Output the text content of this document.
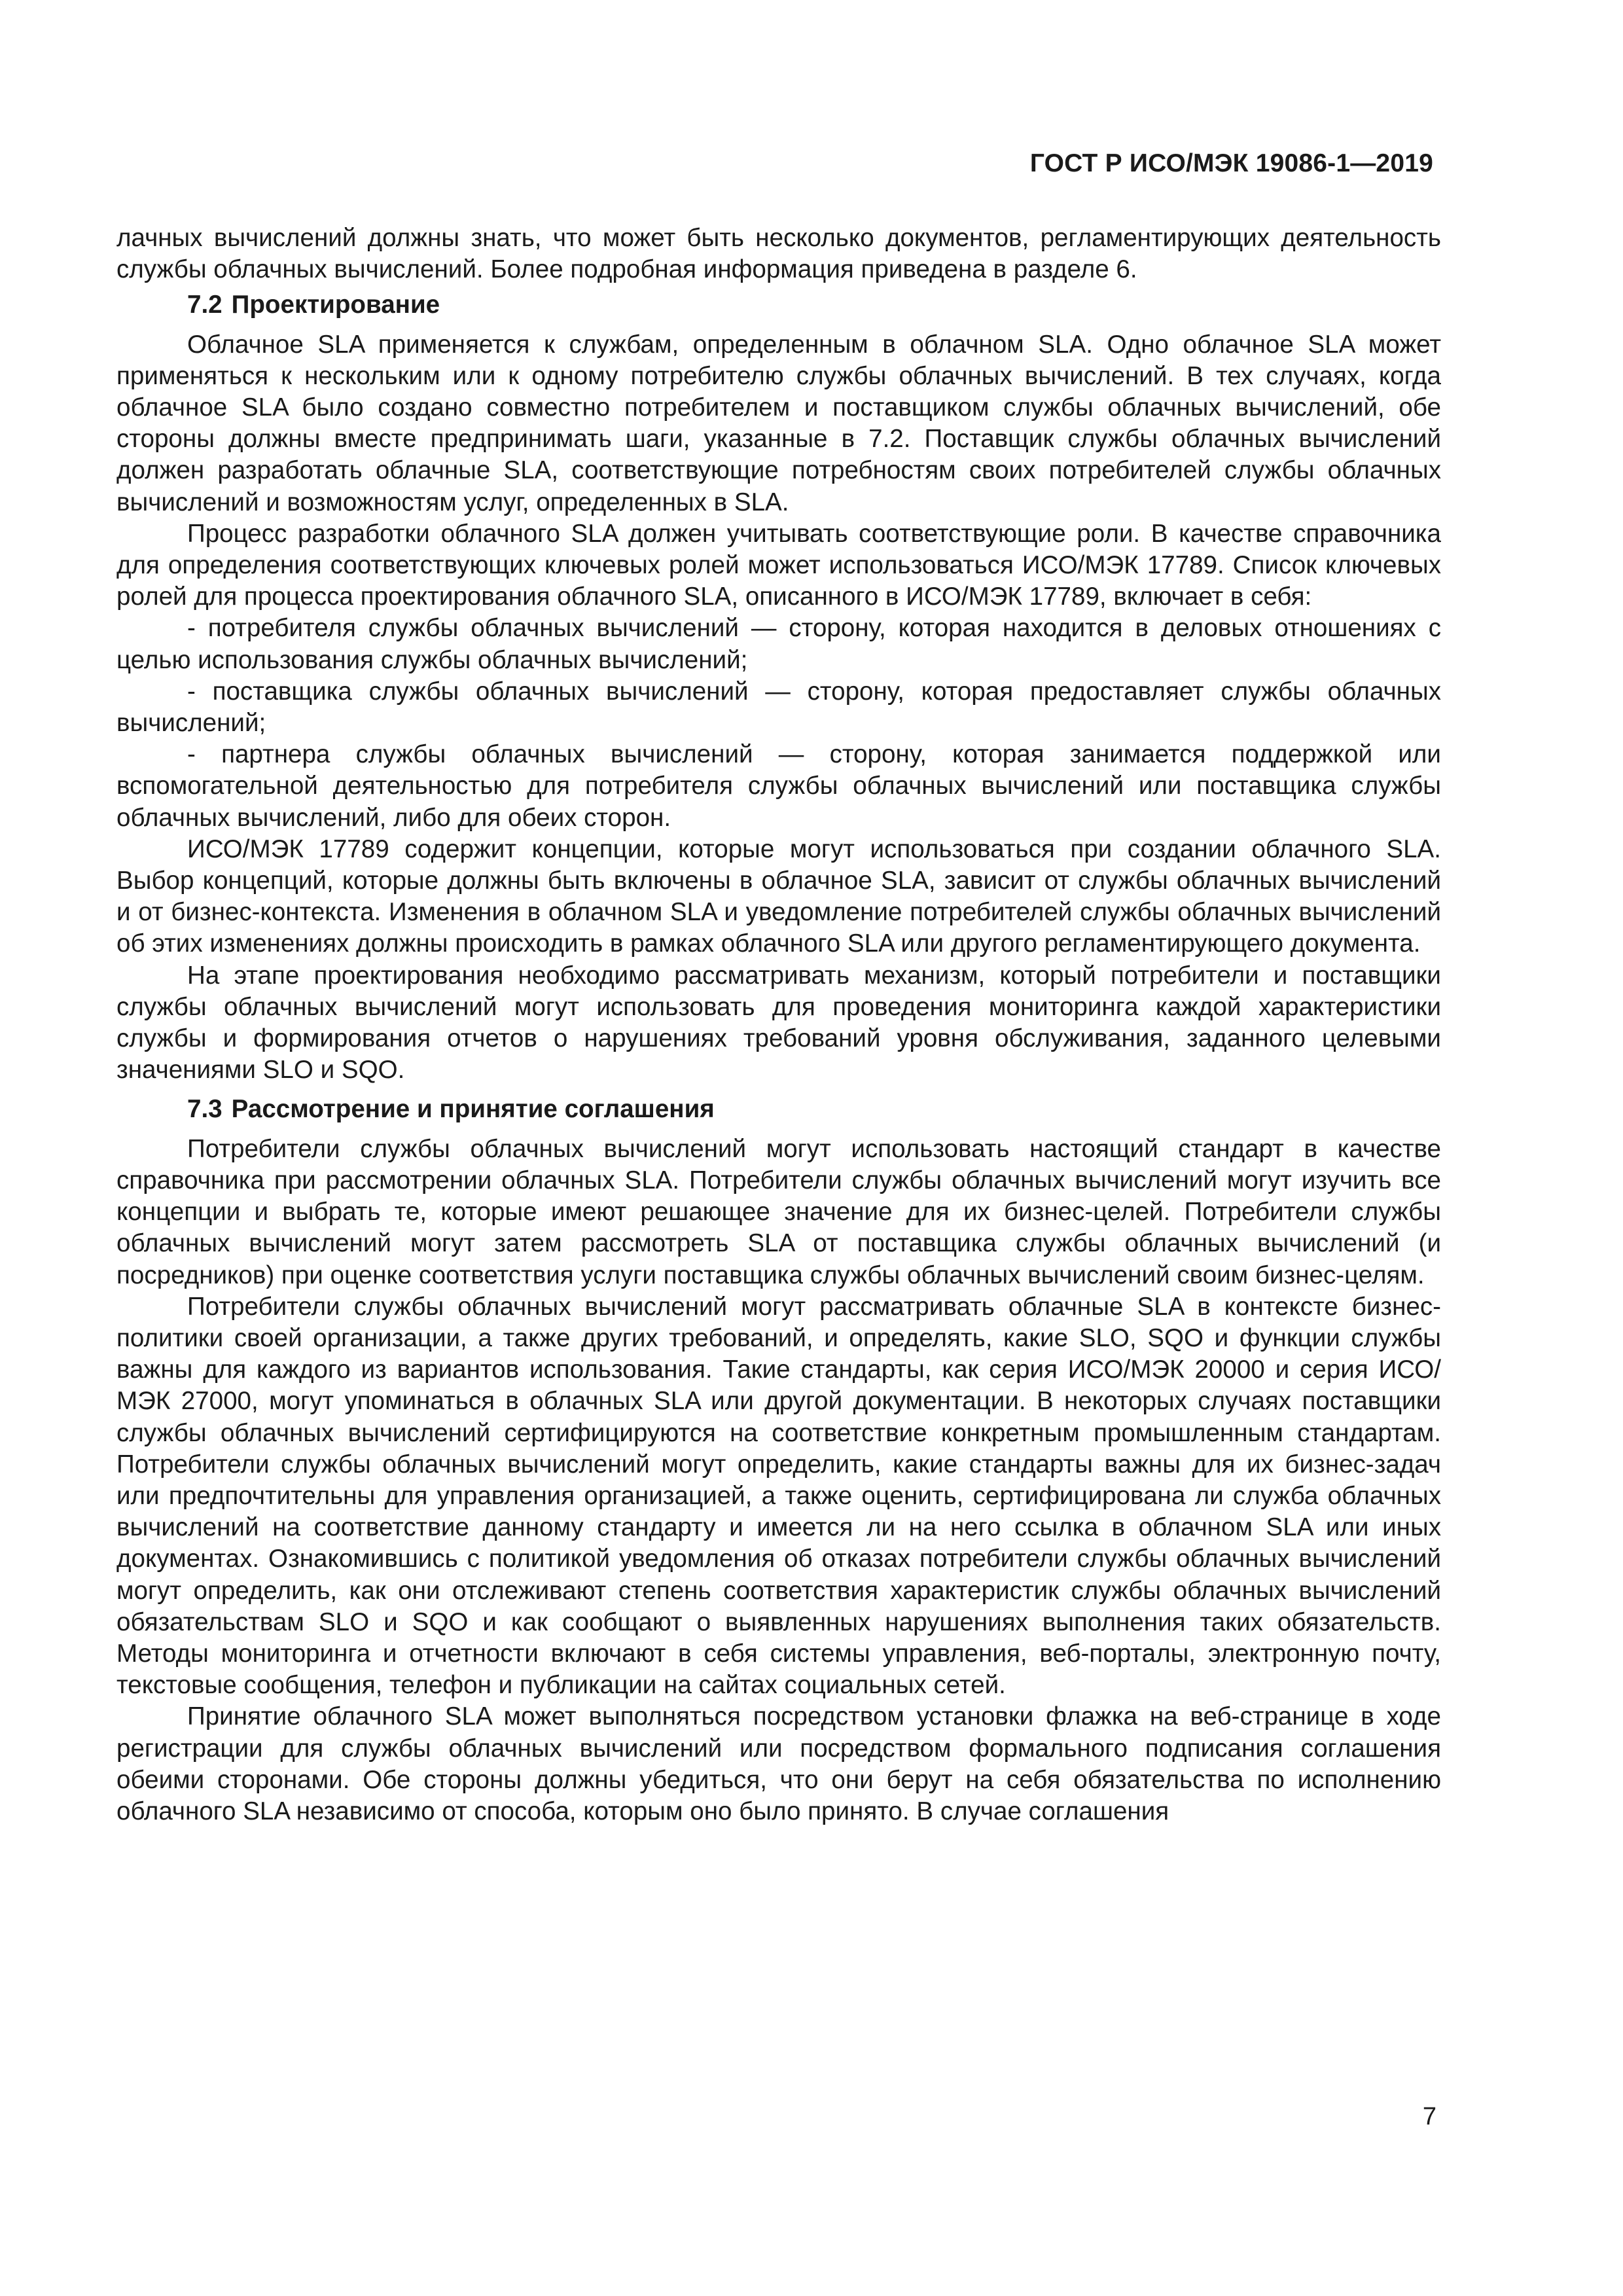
ГОСТ Р ИСО/МЭК 19086-1—2019

лачных вычислений должны знать, что может быть несколько документов, регламентирующих деятельность службы облачных вычислений. Более подробная информация приведена в разделе 6.

7.2 Проектирование

Облачное SLA применяется к службам, определенным в облачном SLA. Одно облачное SLA может применяться к нескольким или к одному потребителю службы облачных вычислений. В тех случаях, когда облачное SLA было создано совместно потребителем и поставщиком службы облачных вычислений, обе стороны должны вместе предпринимать шаги, указанные в 7.2. Поставщик службы облачных вычислений должен разработать облачные SLA, соответствующие потребностям своих потребителей службы облачных вычислений и возможностям услуг, определенных в SLA.

Процесс разработки облачного SLA должен учитывать соответствующие роли. В качестве справочника для определения соответствующих ключевых ролей может использоваться ИСО/МЭК 17789. Список ключевых ролей для процесса проектирования облачного SLA, описанного в ИСО/МЭК 17789, включает в себя:

- потребителя службы облачных вычислений — сторону, которая находится в деловых отношениях с целью использования службы облачных вычислений;

- поставщика службы облачных вычислений — сторону, которая предоставляет службы облачных вычислений;

- партнера службы облачных вычислений — сторону, которая занимается поддержкой или вспомогательной деятельностью для потребителя службы облачных вычислений или поставщика службы облачных вычислений, либо для обеих сторон.

ИСО/МЭК 17789 содержит концепции, которые могут использоваться при создании облачного SLA. Выбор концепций, которые должны быть включены в облачное SLA, зависит от службы облачных вычислений и от бизнес-контекста. Изменения в облачном SLA и уведомление потребителей службы облачных вычислений об этих изменениях должны происходить в рамках облачного SLA или другого регламентирующего документа.

На этапе проектирования необходимо рассматривать механизм, который потребители и поставщики службы облачных вычислений могут использовать для проведения мониторинга каждой характеристики службы и формирования отчетов о нарушениях требований уровня обслуживания, заданного целевыми значениями SLO и SQO.

7.3 Рассмотрение и принятие соглашения

Потребители службы облачных вычислений могут использовать настоящий стандарт в качестве справочника при рассмотрении облачных SLA. Потребители службы облачных вычислений могут изучить все концепции и выбрать те, которые имеют решающее значение для их бизнес-целей. Потребители службы облачных вычислений могут затем рассмотреть SLA от поставщика службы облачных вычислений (и посредников) при оценке соответствия услуги поставщика службы облачных вычислений своим бизнес-целям.

Потребители службы облачных вычислений могут рассматривать облачные SLA в контексте бизнес-политики своей организации, а также других требований, и определять, какие SLO, SQO и функции службы важны для каждого из вариантов использования. Такие стандарты, как серия ИСО/МЭК 20000 и серия ИСО/МЭК 27000, могут упоминаться в облачных SLA или другой документации. В некоторых случаях поставщики службы облачных вычислений сертифицируются на соответствие конкретным промышленным стандартам. Потребители службы облачных вычислений могут определить, какие стандарты важны для их бизнес-задач или предпочтительны для управления организацией, а также оценить, сертифицирована ли служба облачных вычислений на соответствие данному стандарту и имеется ли на него ссылка в облачном SLA или иных документах. Ознакомившись с политикой уведомления об отказах потребители службы облачных вычислений могут определить, как они отслеживают степень соответствия характеристик службы облачных вычислений обязательствам SLO и SQO и как сообщают о выявленных нарушениях выполнения таких обязательств. Методы мониторинга и отчетности включают в себя системы управления, веб-порталы, электронную почту, текстовые сообщения, телефон и публикации на сайтах социальных сетей.

Принятие облачного SLA может выполняться посредством установки флажка на веб-странице в ходе регистрации для службы облачных вычислений или посредством формального подписания соглашения обеими сторонами. Обе стороны должны убедиться, что они берут на себя обязательства по исполнению облачного SLA независимо от способа, которым оно было принято. В случае соглашения

7
